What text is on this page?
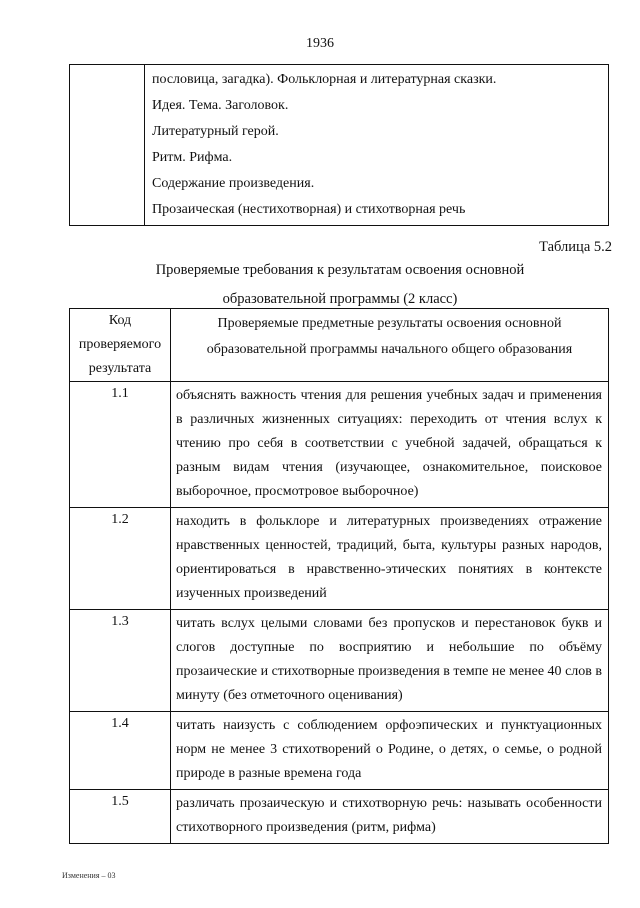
1936

пословица, загадка). Фольклорная и литературная сказки.
Идея. Тема. Заголовок.
Литературный герой.
Ритм. Рифма.
Содержание произведения.
Прозаическая (нестихотворная) и стихотворная речь
Таблица 5.2
Проверяемые требования к результатам освоения основной
образовательной программы (2 класс)
Код проверяемого результата	Проверяемые предметные результаты освоения основной образовательной программы начального общего образования
1.1	объяснять важность чтения для решения учебных задач и применения в различных жизненных ситуациях: переходить от чтения вслух к чтению про себя в соответствии с учебной задачей, обращаться к разным видам чтения (изучающее, ознакомительное, поисковое выборочное, просмотровое выборочное)
1.2	находить в фольклоре и литературных произведениях отражение нравственных ценностей, традиций, быта, культуры разных народов, ориентироваться в нравственно-этических понятиях в контексте изученных произведений
1.3	читать вслух целыми словами без пропусков и перестановок букв и слогов доступные по восприятию и небольшие по объёму прозаические и стихотворные произведения в темпе не менее 40 слов в минуту (без отметочного оценивания)
1.4	читать наизусть с соблюдением орфоэпических и пунктуационных норм не менее 3 стихотворений о Родине, о детях, о семье, о родной природе в разные времена года
1.5	различать прозаическую и стихотворную речь: называть особенности стихотворного произведения (ритм, рифма)
Изменения – 03
